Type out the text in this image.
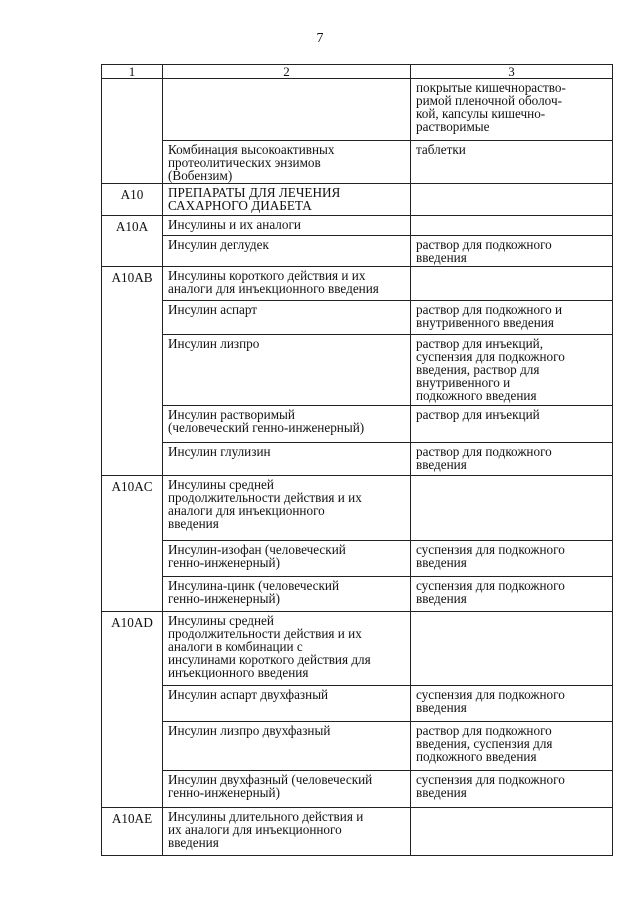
7
1	2	3
		покрытые кишечнораство-
римой пленочной оболоч-
кой, капсулы кишечно-
растворимые
	Комбинация высокоактивных
протеолитических энзимов
(Вобензим)	таблетки
A10	ПРЕПАРАТЫ ДЛЯ ЛЕЧЕНИЯ
САХАРНОГО ДИАБЕТА	
A10A	Инсулины и их аналоги	
	Инсулин деглудек	раствор для подкожного
введения
A10AB	Инсулины короткого действия и их
аналоги для инъекционного введения	
	Инсулин аспарт	раствор для подкожного и
внутривенного введения
	Инсулин лизпро	раствор для инъекций,
суспензия для подкожного
введения, раствор для
внутривенного и
подкожного введения
	Инсулин растворимый
(человеческий генно-инженерный)	раствор для инъекций
	Инсулин глулизин	раствор для подкожного
введения
A10AC	Инсулины средней
продолжительности действия и их
аналоги для инъекционного
введения	
	Инсулин-изофан (человеческий
генно-инженерный)	суспензия для подкожного
введения
	Инсулина-цинк (человеческий
генно-инженерный)	суспензия для подкожного
введения
A10AD	Инсулины средней
продолжительности действия и их
аналоги в комбинации с
инсулинами короткого действия для
инъекционного введения	
	Инсулин аспарт двухфазный	суспензия для подкожного
введения
	Инсулин лизпро двухфазный	раствор для подкожного
введения, суспензия для
подкожного введения
	Инсулин двухфазный (человеческий
генно-инженерный)	суспензия для подкожного
введения
A10AE	Инсулины длительного действия и
их аналоги для инъекционного
введения	
